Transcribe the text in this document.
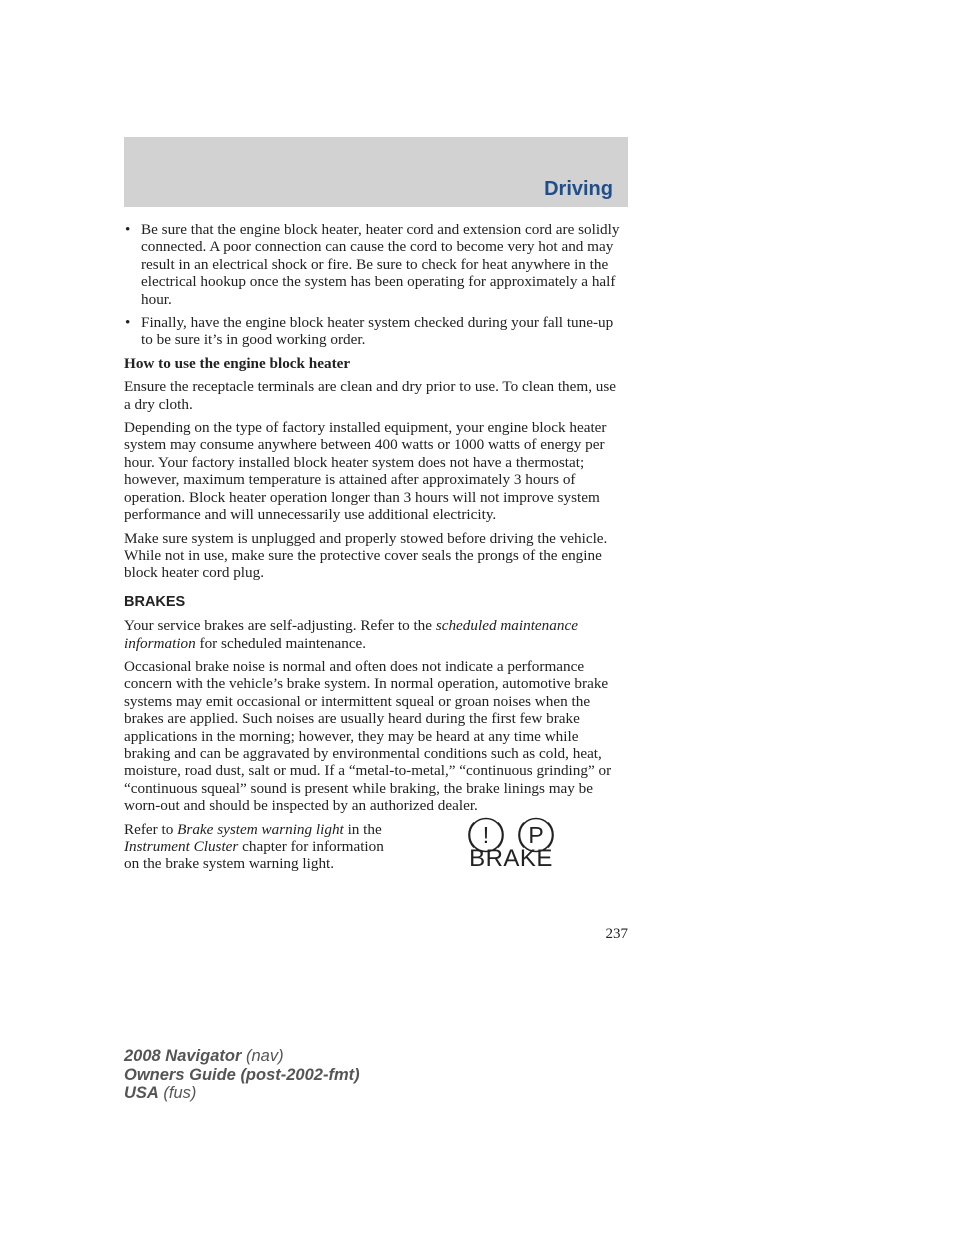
Driving
• Be sure that the engine block heater, heater cord and extension cord are solidly connected. A poor connection can cause the cord to become very hot and may result in an electrical shock or fire. Be sure to check for heat anywhere in the electrical hookup once the system has been operating for approximately a half hour.
• Finally, have the engine block heater system checked during your fall tune-up to be sure it’s in good working order.
How to use the engine block heater

Ensure the receptacle terminals are clean and dry prior to use. To clean them, use a dry cloth.

Depending on the type of factory installed equipment, your engine block heater system may consume anywhere between 400 watts or 1000 watts of energy per hour. Your factory installed block heater system does not have a thermostat; however, maximum temperature is attained after approximately 3 hours of operation. Block heater operation longer than 3 hours will not improve system performance and will unnecessarily use additional electricity.

Make sure system is unplugged and properly stowed before driving the vehicle. While not in use, make sure the protective cover seals the prongs of the engine block heater cord plug.

BRAKES

Your service brakes are self-adjusting. Refer to the scheduled maintenance information for scheduled maintenance.

Occasional brake noise is normal and often does not indicate a performance concern with the vehicle’s brake system. In normal operation, automotive brake systems may emit occasional or intermittent squeal or groan noises when the brakes are applied. Such noises are usually heard during the first few brake applications in the morning; however, they may be heard at any time while braking and can be aggravated by environmental conditions such as cold, heat, moisture, road dust, salt or mud. If a “metal-to-metal,” “continuous grinding” or “continuous squeal” sound is present while braking, the brake linings may be worn-out and should be inspected by an authorized dealer.

Refer to Brake system warning light in the Instrument Cluster chapter for information on the brake system warning light.
! P
BRAKE
237
2008 Navigator (nav)
Owners Guide (post-2002-fmt)
USA (fus)
